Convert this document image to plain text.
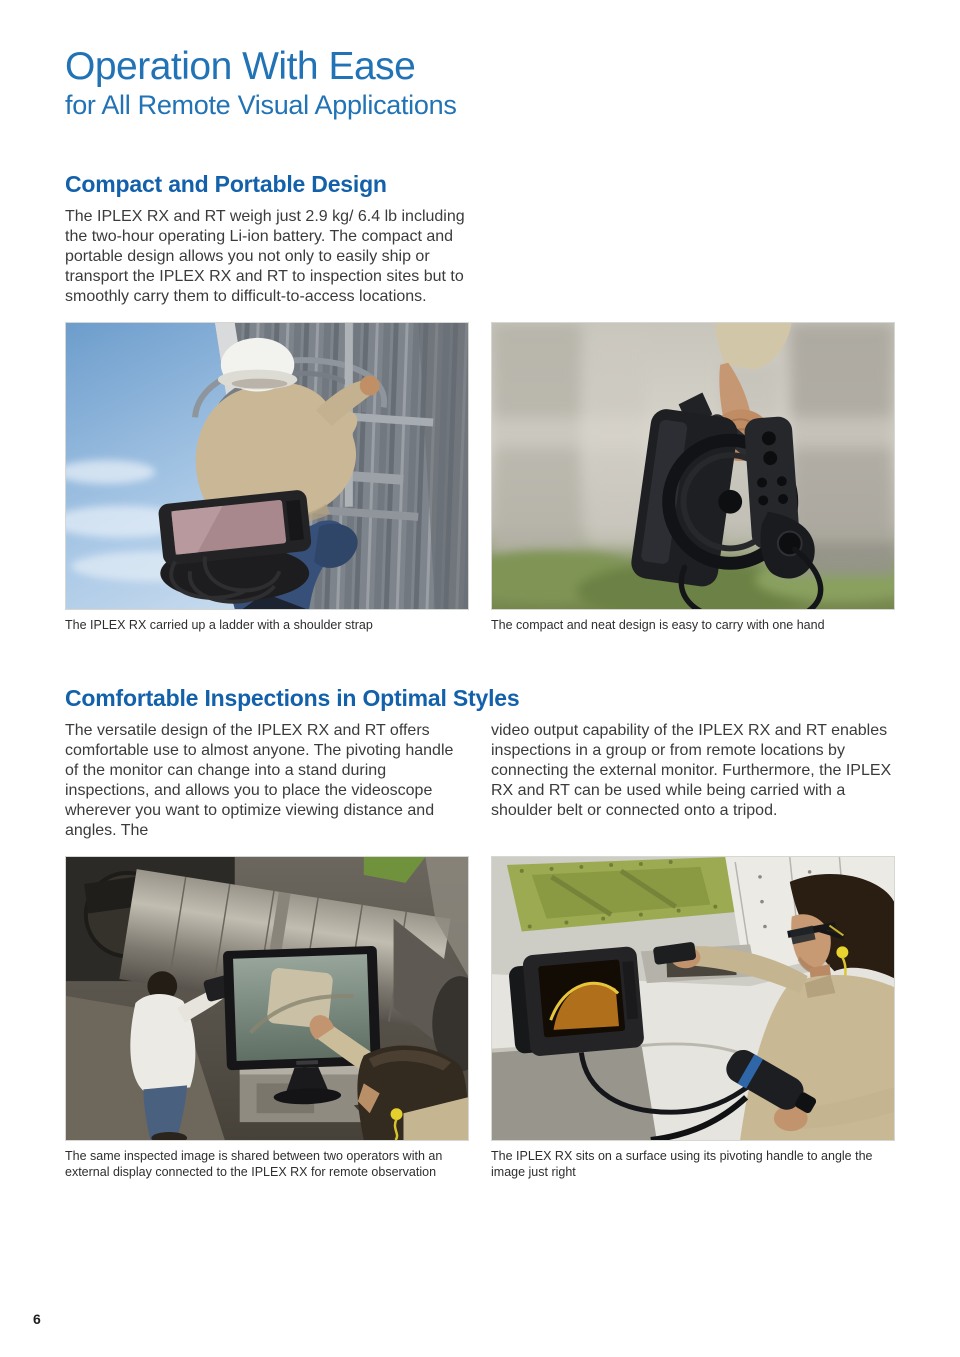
Operation With Ease
for All Remote Visual Applications
Compact and Portable Design

The IPLEX RX and RT weigh just 2.9 kg/ 6.4 lb including the two-hour operating Li-ion battery. The compact and portable design allows you not only to easily ship or transport the IPLEX RX and RT to inspection sites but to smoothly carry them to difficult-to-access locations.

The IPLEX RX carried up a ladder with a shoulder strap	The compact and neat design is easy to carry with one hand
Comfortable Inspections in Optimal Styles

The versatile design of the IPLEX RX and RT offers comfortable use to almost anyone. The pivoting handle of the monitor can change into a stand during inspections, and allows you to place the videoscope wherever you want to optimize viewing distance and angles. The

video output capability of the IPLEX RX and RT enables inspections in a group or from remote locations by connecting the external monitor. Furthermore, the IPLEX RX and RT can be used while being carried with a shoulder belt or connected onto a tripod.

The same inspected image is shared between two operators with an external display connected to the IPLEX RX for remote observation
The IPLEX RX sits on a surface using its pivoting handle to angle the image just right
6
